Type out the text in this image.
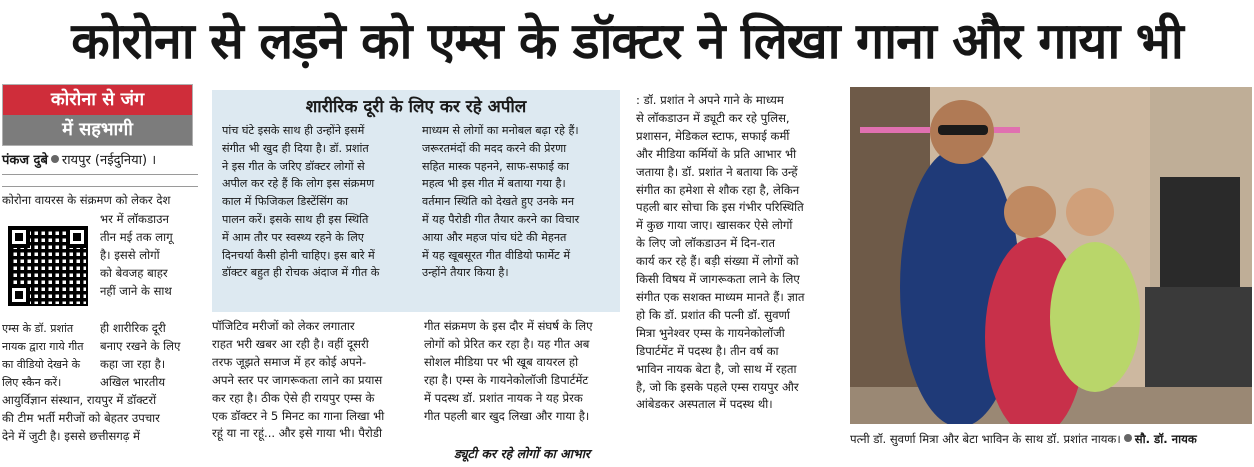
कोरोना से लड़ने को एम्स के डॉक्टर ने लिखा गाना और गाया भी
कोरोना से जंग
में सहभागी
पंकज दुबे रायपुर (नईदुनिया) ।
कोरोना वायरस के संक्रमण को लेकर देश

भर में लॉकडाउन

तीन मई तक लागू

है। इससे लोगों

को बेवजह बाहर

नहीं जाने के साथ

एम्स के डॉ. प्रशांत

नायक द्वारा गाये गीत

का वीडियो देखने के

लिए स्कैन करें।

ही शारीरिक दूरी

बनाए रखने के लिए

कहा जा रहा है।

अखिल भारतीय

आयुर्विज्ञान संस्थान, रायपुर में डॉक्टरों

की टीम भर्ती मरीजों को बेहतर उपचार

देने में जुटी है। इससे छत्तीसगढ़ में

शारीरिक दूरी के लिए कर रहे अपील

पांच घंटे इसके साथ ही उन्होंने इसमें

संगीत भी खुद ही दिया है। डॉ. प्रशांत

ने इस गीत के जरिए डॉक्टर लोगों से

अपील कर रहे हैं कि लोग इस संक्रमण

काल में फिजिकल डिस्टेंसिंग का

पालन करें। इसके साथ ही इस स्थिति

में आम तौर पर स्वस्थ्य रहने के लिए

दिनचर्या कैसी होनी चाहिए। इस बारे में

डॉक्टर बहुत ही रोचक अंदाज में गीत के

माध्यम से लोगों का मनोबल बढ़ा रहे हैं।

जरूरतमंदों की मदद करने की प्रेरणा

सहित मास्क पहनने, साफ-सफाई का

महत्व भी इस गीत में बताया गया है।

वर्तमान स्थिति को देखते हुए उनके मन

में यह पैरोडी गीत तैयार करने का विचार

आया और महज पांच घंटे की मेहनत

में यह खूबसूरत गीत वीडियो फार्मेट में

उन्होंने तैयार किया है।

पॉजिटिव मरीजों को लेकर लगातार

राहत भरी खबर आ रही है। वहीं दूसरी

तरफ जूझते समाज में हर कोई अपने-

अपने स्तर पर जागरूकता लाने का प्रयास

कर रहा है। ठीक ऐसे ही रायपुर एम्स के

एक डॉक्टर ने 5 मिनट का गाना लिखा भी

रहूं या ना रहूं... और इसे गाया भी। पैरोडी

गीत संक्रमण के इस दौर में संघर्ष के लिए

लोगों को प्रेरित कर रहा है। यह गीत अब

सोशल मीडिया पर भी खूब वायरल हो

रहा है। एम्स के गायनेकोलॉजी डिपार्टमेंट

में पदस्थ डॉ. प्रशांत नायक ने यह प्रेरक

गीत पहली बार खुद लिखा और गाया है।

ड्यूटी कर रहे लोगों का आभार

: डॉ. प्रशांत ने अपने गाने के माध्यम

से लॉकडाउन में ड्यूटी कर रहे पुलिस,

प्रशासन, मेडिकल स्टाफ, सफाई कर्मी

और मीडिया कर्मियों के प्रति आभार भी

जताया है। डॉ. प्रशांत ने बताया कि उन्हें

संगीत का हमेशा से शौक रहा है, लेकिन

पहली बार सोचा कि इस गंभीर परिस्थिति

में कुछ गाया जाए। खासकर ऐसे लोगों

के लिए जो लॉकडाउन में दिन-रात

कार्य कर रहे हैं। बड़ी संख्या में लोगों को

किसी विषय में जागरूकता लाने के लिए

संगीत एक सशक्त माध्यम मानते हैं। ज्ञात

हो कि डॉ. प्रशांत की पत्नी डॉ. सुवर्णा

मित्रा भुनेश्वर एम्स के गायनेकोलॉजी

डिपार्टमेंट में पदस्थ है। तीन वर्ष का

भाविन नायक बेटा है, जो साथ में रहता

है, जो कि इसके पहले एम्स रायपुर और

आंबेडकर अस्पताल में पदस्थ थी।

पत्नी डॉ. सुवर्णा मित्रा और बेटा भाविन के साथ डॉ. प्रशांत नायक। सौ. डॉ. नायक
